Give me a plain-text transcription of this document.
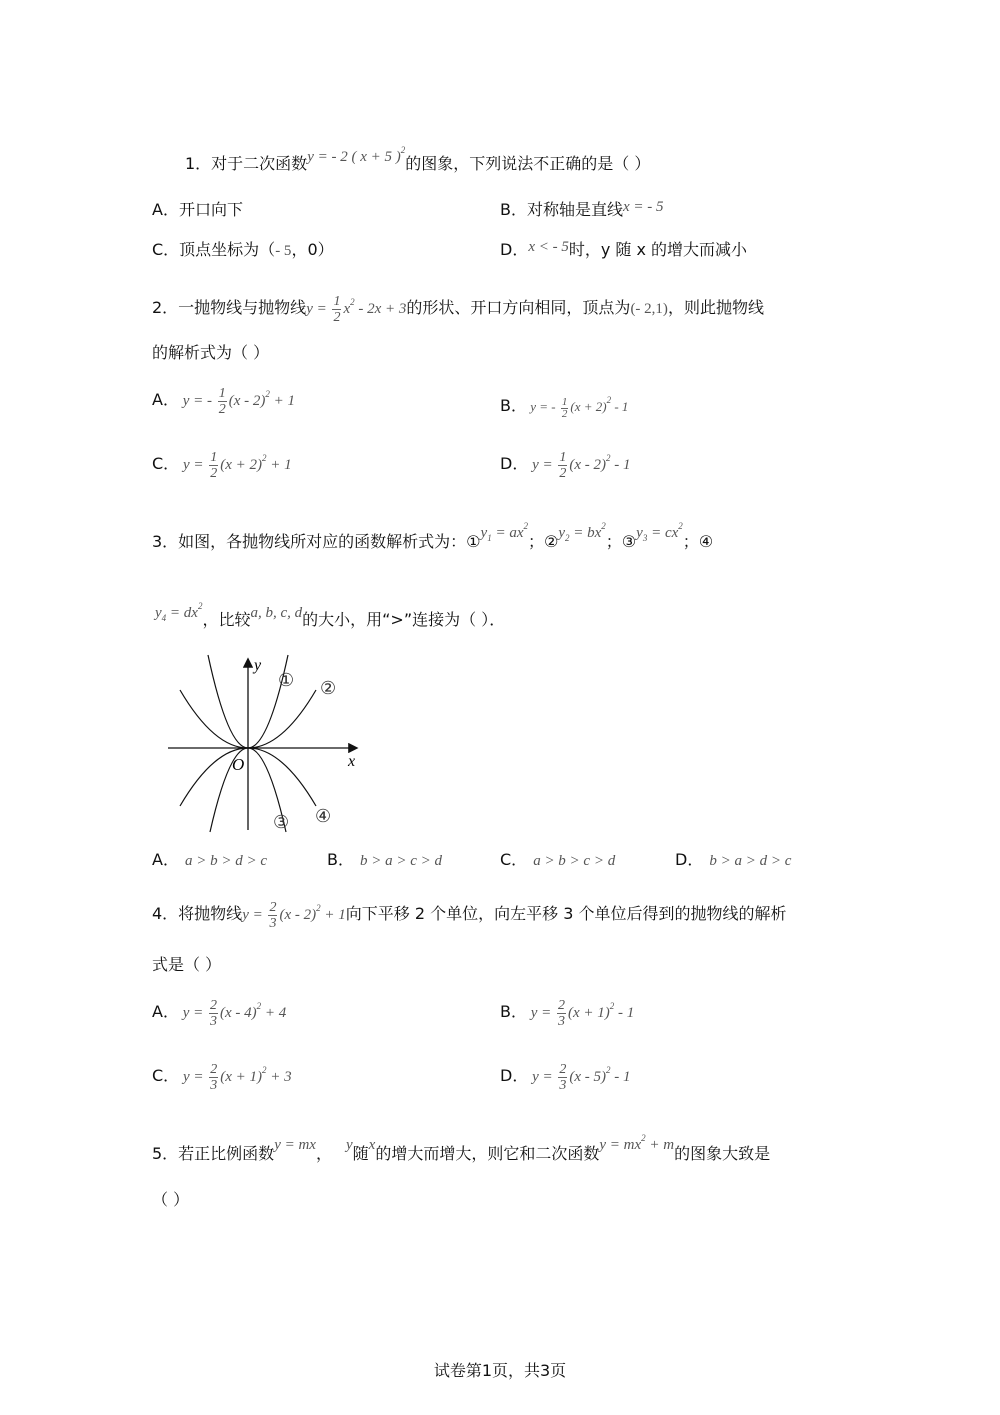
1．对于二次函数y = - 2 ( x + 5 )$^2$的图象，下列说法不正确的是（ ）
A．开口向下	B．对称轴是直线x = - 5
C．顶点坐标为（- 5，0）	D．x < - 5时，y 随 x 的增大而减小
2．一抛物线与抛物线$y = \frac{1}{2} x^2 - 2x + 3$的形状、开口方向相同，顶点为(- 2,1)，则此抛物线
的解析式为（ ）
A． y = - $\frac{1}{2} (x - 2)^2 + 1$	B． y = - $\frac{1}{2} (x + 2)^2 - 1$
C． $y = \frac{1}{2} (x + 2)^2 + 1$	D． $y = \frac{1}{2} (x - 2)^2 - 1$
3．如图，各抛物线所对应的函数解析式为：$①y_1 = ax^2$；$②y_2 = bx^2$；$③y_3 = cx^2$；④
$y_4 = dx^2$，比较a, b, c, d的大小，用“>”连接为（ ）．
y
x
O
① ②
③ ④
A． a > b > d > c	B． b > a > c > d	C． a > b > c > d	D． b > a > d > c
4．将抛物线$y = \frac{2}{3} (x - 2)^2 + 1$向下平移 2 个单位，向左平移 3 个单位后得到的抛物线的解析
式是（ ）
A． $y = \frac{2}{3} (x - 4)^2 + 4$	B． $y = \frac{2}{3} (x + 1)^2 - 1$
C． $y = \frac{2}{3} (x + 1)^2 + 3$	D． $y = \frac{2}{3} (x - 5)^2 - 1$
5．若正比例函数y = mx， y随x的增大而增大，则它和二次函数$y = mx^2 + m$的图象大致是
（ ）
试卷第1页，共3页
